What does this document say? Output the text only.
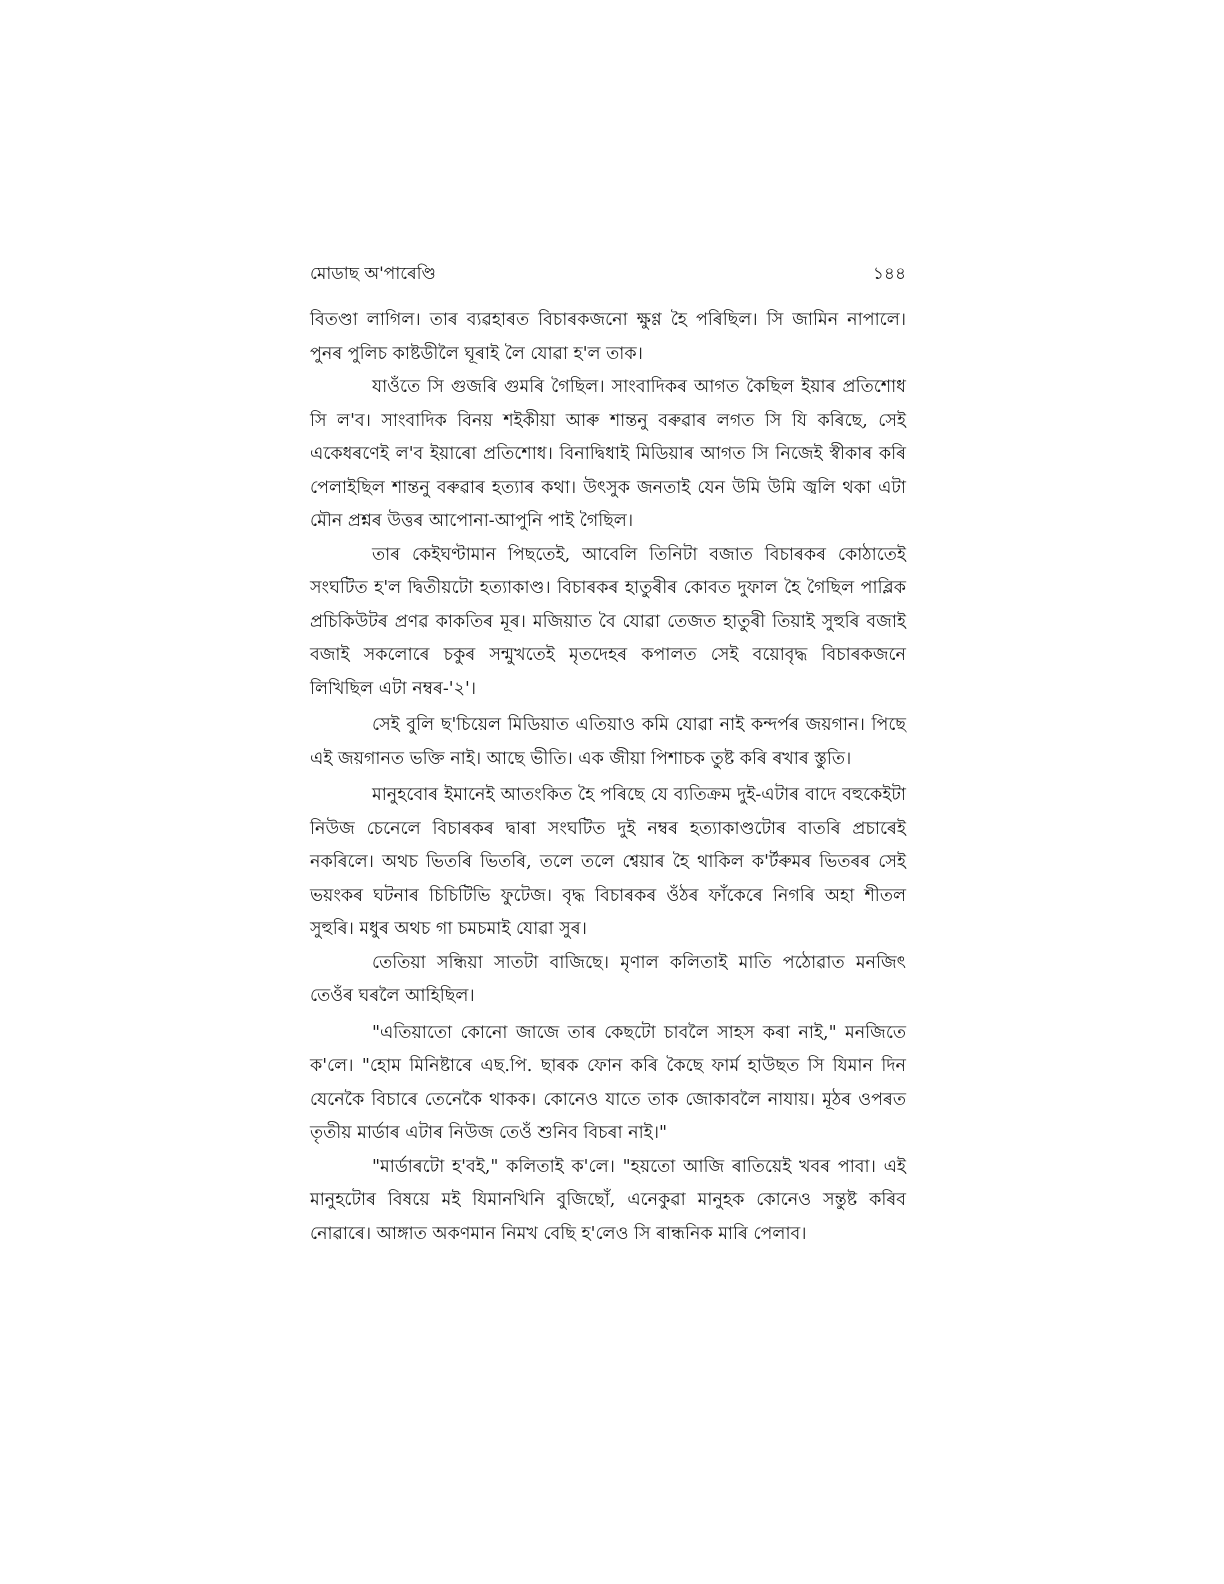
মোডাছ অ'পাৰেণ্ডি	১৪৪

বিতণ্ডা লাগিল। তাৰ ব্যৱহাৰত বিচাৰকজনো ক্ষুণ্ণ হৈ পৰিছিল। সি জামিন নাপালে। পুনৰ পুলিচ কাষ্টডীলৈ ঘূৰাই লৈ যোৱা হ'ল তাক।

যাওঁতে সি গুজৰি গুমৰি গৈছিল। সাংবাদিকৰ আগত কৈছিল ইয়াৰ প্ৰতিশোধ সি ল'ব। সাংবাদিক বিনয় শইকীয়া আৰু শান্তনু বৰুৱাৰ লগত সি যি কৰিছে, সেই একেধৰণেই ল'ব ইয়াৰো প্ৰতিশোধ। বিনাদ্বিধাই মিডিয়াৰ আগত সি নিজেই স্বীকাৰ কৰি পেলাইছিল শান্তনু বৰুৱাৰ হত্যাৰ কথা। উৎসুক জনতাই যেন উমি উমি জ্বলি থকা এটা মৌন প্ৰশ্নৰ উত্তৰ আপোনা-আপুনি পাই গৈছিল।

তাৰ কেইঘণ্টামান পিছতেই, আবেলি তিনিটা বজাত বিচাৰকৰ কোঠাতেই সংঘটিত হ'ল দ্বিতীয়টো হত্যাকাণ্ড। বিচাৰকৰ হাতুৰীৰ কোবত দুফাল হৈ গৈছিল পাব্লিক প্ৰচিকিউটৰ প্ৰণৱ কাকতিৰ মূৰ। মজিয়াত বৈ যোৱা তেজত হাতুৰী তিয়াই সুহুৰি বজাই বজাই সকলোৰে চকুৰ সন্মুখতেই মৃতদেহৰ কপালত সেই বয়োবৃদ্ধ বিচাৰকজনে লিখিছিল এটা নম্বৰ-'২'।

সেই বুলি ছ'চিয়েল মিডিয়াত এতিয়াও কমি যোৱা নাই কন্দৰ্পৰ জয়গান। পিছে এই জয়গানত ভক্তি নাই। আছে ভীতি। এক জীয়া পিশাচক তুষ্ট কৰি ৰখাৰ স্তুতি।

মানুহবোৰ ইমানেই আতংকিত হৈ পৰিছে যে ব্যতিক্ৰম দুই-এটাৰ বাদে বহুকেইটা নিউজ চেনেলে বিচাৰকৰ দ্বাৰা সংঘটিত দুই নম্বৰ হত্যাকাণ্ডটোৰ বাতৰি প্ৰচাৰেই নকৰিলে। অথচ ভিতৰি ভিতৰি, তলে তলে শ্বেয়াৰ হৈ থাকিল ক'ৰ্টৰুমৰ ভিতৰৰ সেই ভয়ংকৰ ঘটনাৰ চিচিটিভি ফুটেজ। বৃদ্ধ বিচাৰকৰ ওঁঠৰ ফাঁকেৰে নিগৰি অহা শীতল সুহুৰি। মধুৰ অথচ গা চমচমাই যোৱা সুৰ।

তেতিয়া সন্ধিয়া সাতটা বাজিছে। মৃণাল কলিতাই মাতি পঠোৱাত মনজিৎ তেওঁৰ ঘৰলৈ আহিছিল।

"এতিয়াতো কোনো জাজে তাৰ কেছটো চাবলৈ সাহস কৰা নাই," মনজিতে ক'লে। "হোম মিনিষ্টাৰে এছ.পি. ছাৰক ফোন কৰি কৈছে ফাৰ্ম হাউছত সি যিমান দিন যেনেকৈ বিচাৰে তেনেকৈ থাকক। কোনেও যাতে তাক জোকাবলৈ নাযায়। মূঠৰ ওপৰত তৃতীয় মাৰ্ডাৰ এটাৰ নিউজ তেওঁ শুনিব বিচৰা নাই।"

"মাৰ্ডাৰটো হ'বই," কলিতাই ক'লে। "হয়তো আজি ৰাতিয়েই খবৰ পাবা। এই মানুহটোৰ বিষয়ে মই যিমানখিনি বুজিছোঁ, এনেকুৱা মানুহক কোনেও সন্তুষ্ট কৰিব নোৱাৰে। আঙ্গাত অকণমান নিমখ বেছি হ'লেও সি ৰান্ধনিক মাৰি পেলাব।
